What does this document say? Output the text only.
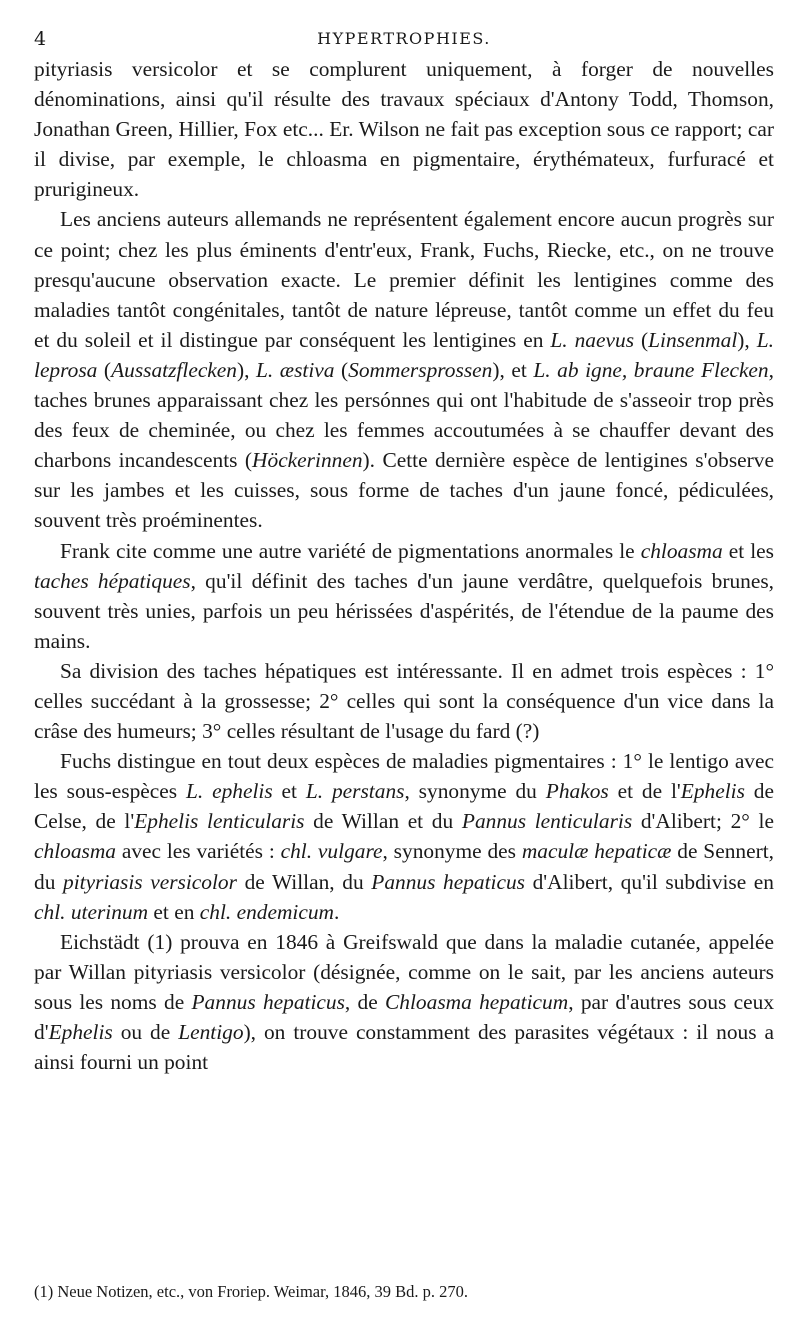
4	HYPERTROPHIES.

pityriasis versicolor et se complurent uniquement, à forger de nouvelles dénominations, ainsi qu'il résulte des travaux spéciaux d'Antony Todd, Thomson, Jonathan Green, Hillier, Fox etc... Er. Wilson ne fait pas exception sous ce rapport; car il divise, par exemple, le chloasma en pigmentaire, érythémateux, furfuracé et prurigineux.

Les anciens auteurs allemands ne représentent également encore aucun progrès sur ce point; chez les plus éminents d'entr'eux, Frank, Fuchs, Riecke, etc., on ne trouve presqu'aucune observation exacte. Le premier définit les lentigines comme des maladies tantôt congénitales, tantôt de nature lépreuse, tantôt comme un effet du feu et du soleil et il distingue par conséquent les lentigines en L. naevus (Linsenmal), L. leprosa (Aussatzflecken), L. æstiva (Sommersprossen), et L. ab igne, braune Flecken, taches brunes apparaissant chez les persónnes qui ont l'habitude de s'asseoir trop près des feux de cheminée, ou chez les femmes accoutumées à se chauffer devant des charbons incandescents (Höckerinnen). Cette dernière espèce de lentigines s'observe sur les jambes et les cuisses, sous forme de taches d'un jaune foncé, pédiculées, souvent très proéminentes.

Frank cite comme une autre variété de pigmentations anormales le chloasma et les taches hépatiques, qu'il définit des taches d'un jaune verdâtre, quelquefois brunes, souvent très unies, parfois un peu hérissées d'aspérités, de l'étendue de la paume des mains.

Sa division des taches hépatiques est intéressante. Il en admet trois espèces : 1° celles succédant à la grossesse; 2° celles qui sont la conséquence d'un vice dans la crâse des humeurs; 3° celles résultant de l'usage du fard (?)

Fuchs distingue en tout deux espèces de maladies pigmentaires : 1° le lentigo avec les sous-espèces L. ephelis et L. perstans, synonyme du Phakos et de l'Ephelis de Celse, de l'Ephelis lenticularis de Willan et du Pannus lenticularis d'Alibert; 2° le chloasma avec les variétés : chl. vulgare, synonyme des maculæ hepaticæ de Sennert, du pityriasis versicolor de Willan, du Pannus hepaticus d'Alibert, qu'il subdivise en chl. uterinum et en chl. endemicum.

Eichstädt (1) prouva en 1846 à Greifswald que dans la maladie cutanée, appelée par Willan pityriasis versicolor (désignée, comme on le sait, par les anciens auteurs sous les noms de Pannus hepaticus, de Chloasma hepaticum, par d'autres sous ceux d'Ephelis ou de Lentigo), on trouve constamment des parasites végétaux : il nous a ainsi fourni un point

(1) Neue Notizen, etc., von Froriep. Weimar, 1846, 39 Bd. p. 270.
